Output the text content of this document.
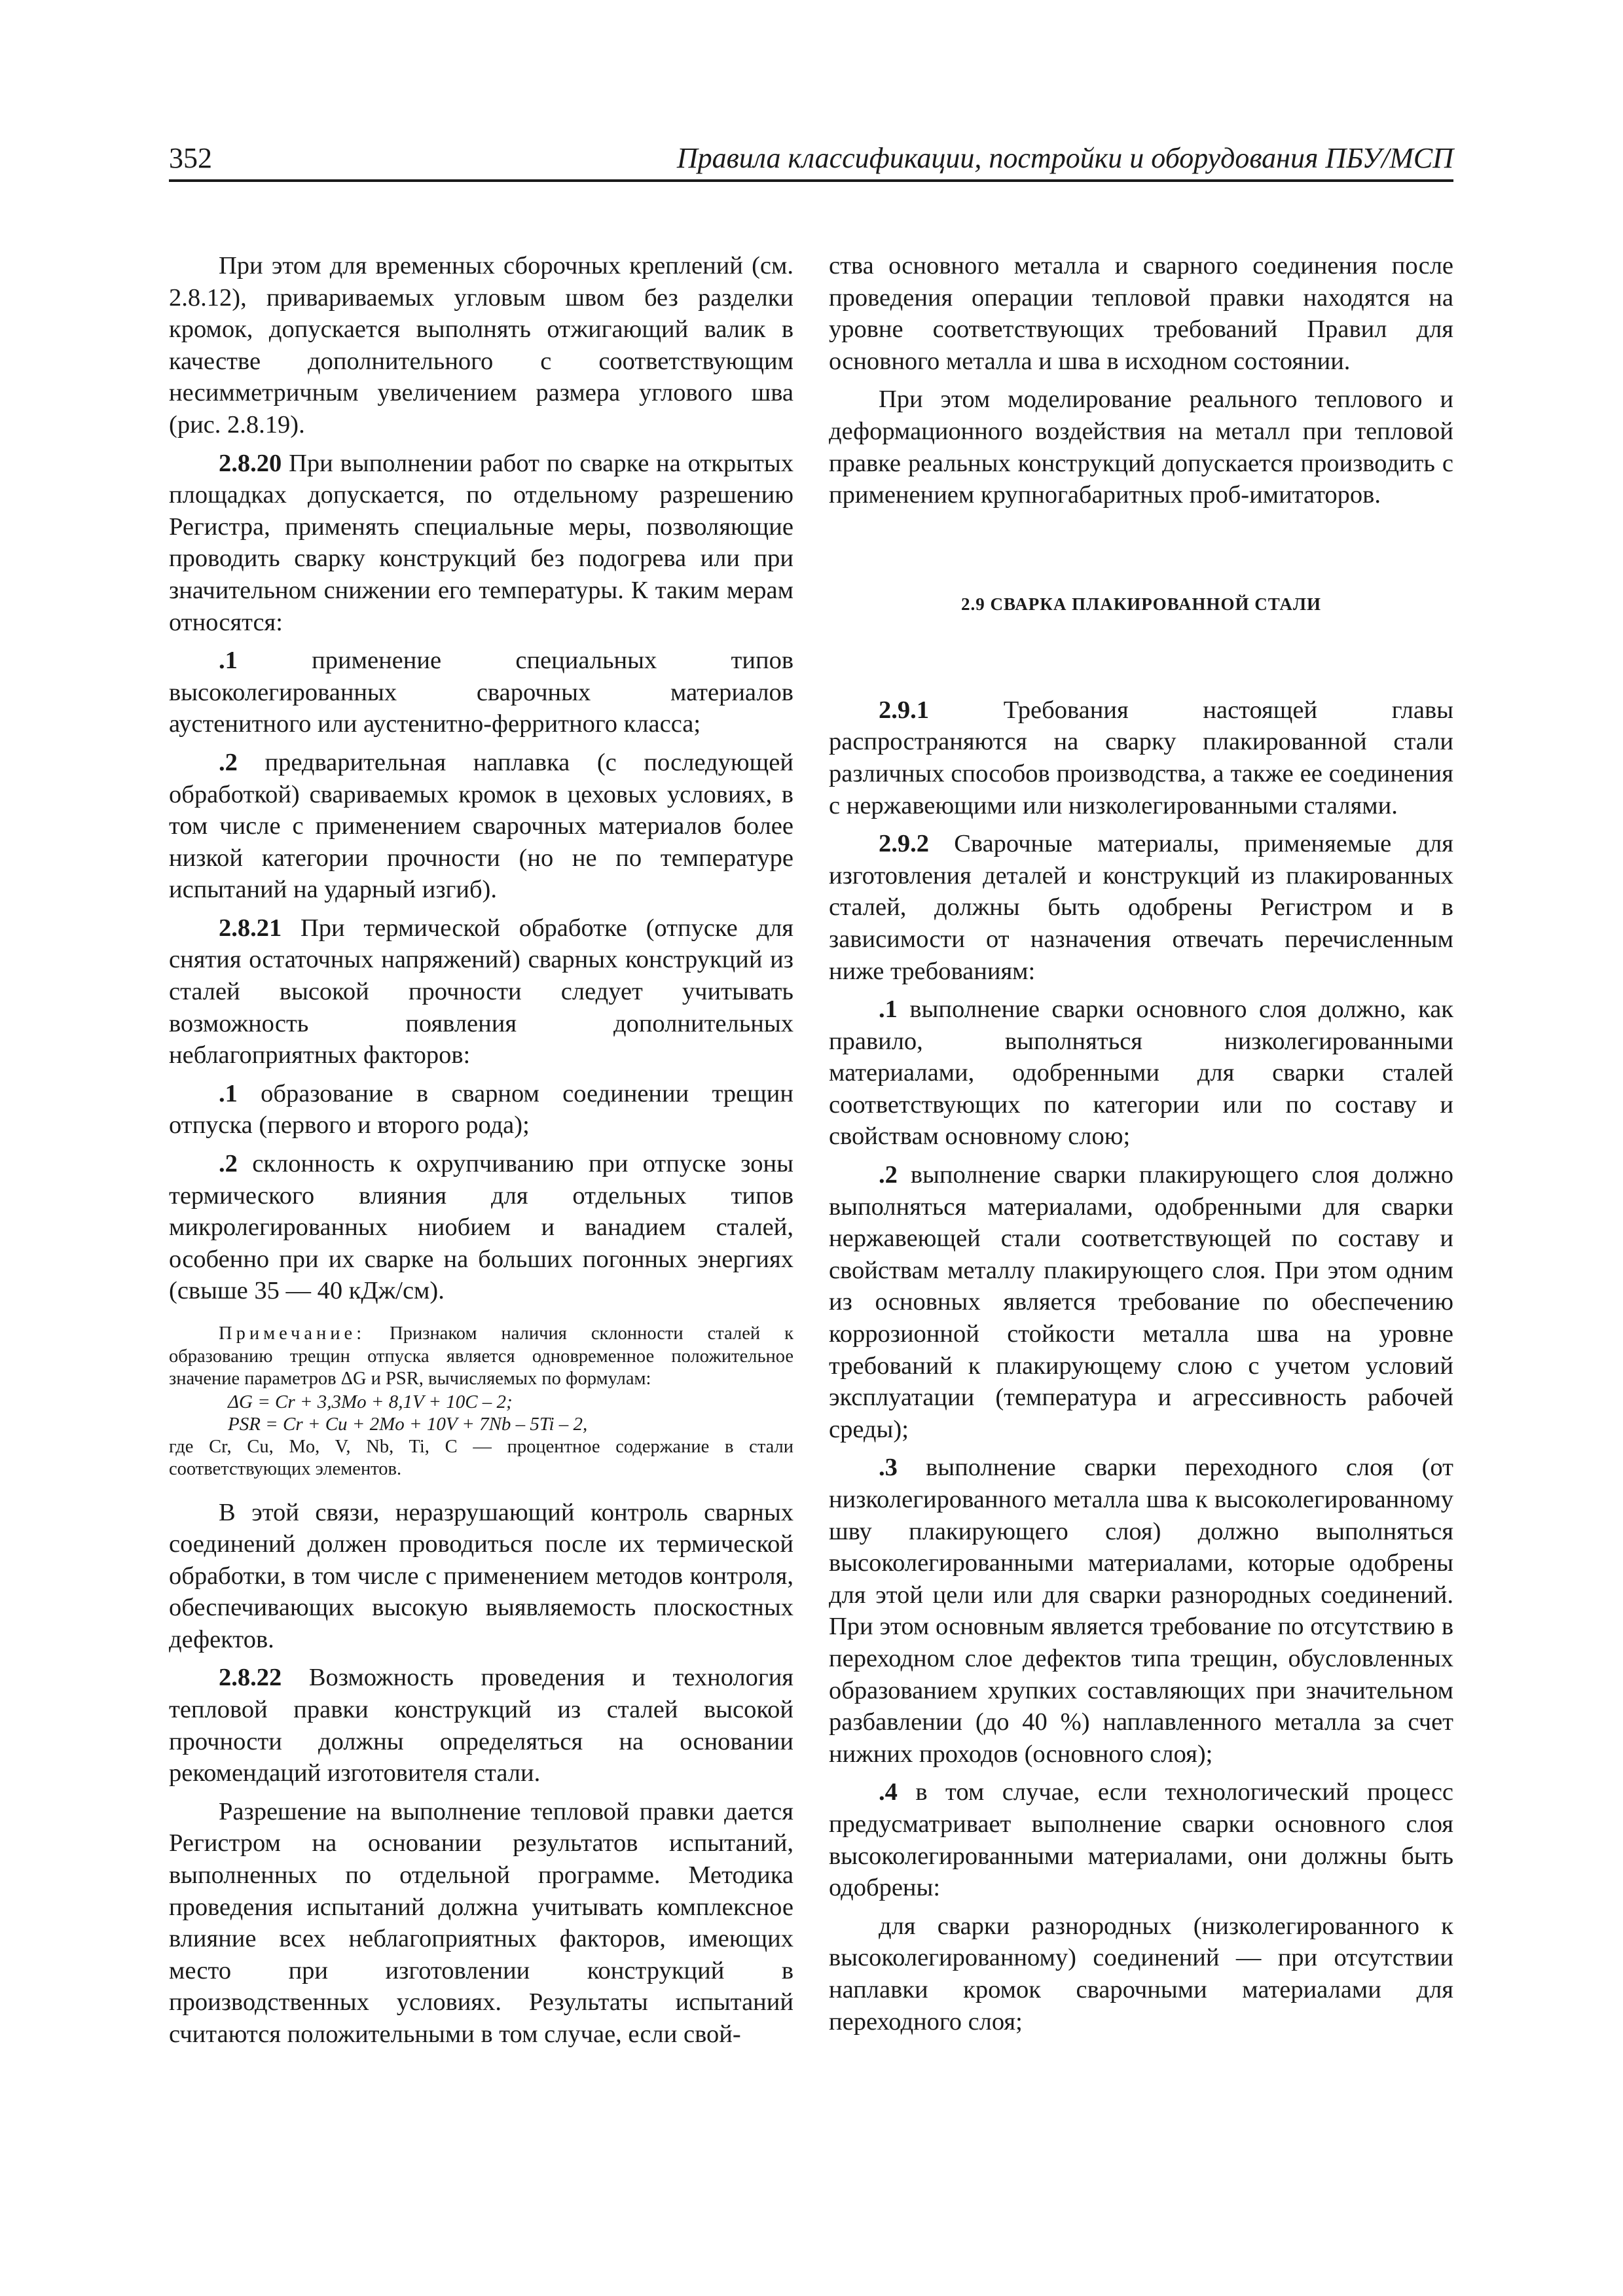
352	Правила классификации, постройки и оборудования ПБУ/МСП

При этом для временных сборочных креплений (см. 2.8.12), привариваемых угловым швом без разделки кромок, допускается выполнять отжигающий валик в качестве дополнительного с соответствующим несимметричным увеличением размера углового шва (рис. 2.8.19).

2.8.20 При выполнении работ по сварке на открытых площадках допускается, по отдельному разрешению Регистра, применять специальные меры, позволяющие проводить сварку конструкций без подогрева или при значительном снижении его температуры. К таким мерам относятся:

.1	применение специальных типов высоколегированных сварочных материалов аустенитного или аустенитно-ферритного класса;

.2 предварительная наплавка (с последующей обработкой) свариваемых кромок в цеховых условиях, в том числе с применением сварочных материалов более низкой категории прочности (но не по температуре испытаний на ударный изгиб).

2.8.21 При термической обработке (отпуске для снятия остаточных напряжений) сварных конструкций из сталей высокой прочности следует учитывать возможность появления дополнительных неблагоприятных факторов:

.1 образование в сварном соединении трещин отпуска (первого и второго рода);

.2 склонность к охрупчиванию при отпуске зоны термического влияния для отдельных типов микролегированных ниобием и ванадием сталей, особенно при их сварке на больших погонных энергиях (свыше 35 — 40 кДж/см).

Примечание: Признаком наличия склонности сталей к образованию трещин отпуска является одновременное положительное значение параметров ΔG и PSR, вычисляемых по формулам:

ΔG = Cr + 3,3Mo + 8,1V + 10C – 2;
PSR = Cr + Cu + 2Mo + 10V + 7Nb – 5Ti – 2,

где Cr, Cu, Mo, V, Nb, Ti, C — процентное содержание в стали соответствующих элементов.

В этой связи, неразрушающий контроль сварных соединений должен проводиться после их термической обработки, в том числе с применением методов контроля, обеспечивающих высокую выявляемость плоскостных дефектов.

2.8.22 Возможность проведения и технология тепловой правки конструкций из сталей высокой прочности должны определяться на основании рекомендаций изготовителя стали.

Разрешение на выполнение тепловой правки дается Регистром на основании результатов испытаний, выполненных по отдельной программе. Методика проведения испытаний должна учитывать комплексное влияние всех неблагоприятных факторов, имеющих место при изготовлении конструкций в производственных условиях. Результаты испытаний считаются положительными в том случае, если свой-

ства основного металла и сварного соединения после проведения операции тепловой правки находятся на уровне соответствующих требований Правил для основного металла и шва в исходном состоянии.

При этом моделирование реального теплового и деформационного воздействия на металл при тепловой правке реальных конструкций допускается производить с применением крупногабаритных проб-имитаторов.

2.9 СВАРКА ПЛАКИРОВАННОЙ СТАЛИ

2.9.1	Требования настоящей главы распространяются на сварку плакированной стали различных способов производства, а также ее соединения с нержавеющими или низколегированными сталями.

2.9.2 Сварочные материалы, применяемые для изготовления деталей и конструкций из плакированных сталей, должны быть одобрены Регистром и в зависимости от назначения отвечать перечисленным ниже требованиям:

.1 выполнение сварки основного слоя должно, как правило, выполняться низколегированными материалами, одобренными для сварки сталей соответствующих по категории или по составу и свойствам основному слою;

.2 выполнение сварки плакирующего слоя должно выполняться материалами, одобренными для сварки нержавеющей стали соответствующей по составу и свойствам металлу плакирующего слоя. При этом одним из основных является требование по обеспечению коррозионной стойкости металла шва на уровне требований к плакирующему слою с учетом условий эксплуатации (температура и агрессивность рабочей среды);

.3 выполнение сварки переходного слоя (от низколегированного металла шва к высоколегированному шву плакирующего слоя) должно выполняться высоколегированными материалами, которые одобрены для этой цели или для сварки разнородных соединений. При этом основным является требование по отсутствию в переходном слое дефектов типа трещин, обусловленных образованием хрупких составляющих при значительном разбавлении (до 40 %) наплавленного металла за счет нижних проходов (основного слоя);

.4 в том случае, если технологический процесс предусматривает выполнение сварки основного слоя высоколегированными материалами, они должны быть одобрены:

для сварки разнородных (низколегированного к высоколегированному) соединений — при отсутствии наплавки кромок сварочными материалами для переходного слоя;
